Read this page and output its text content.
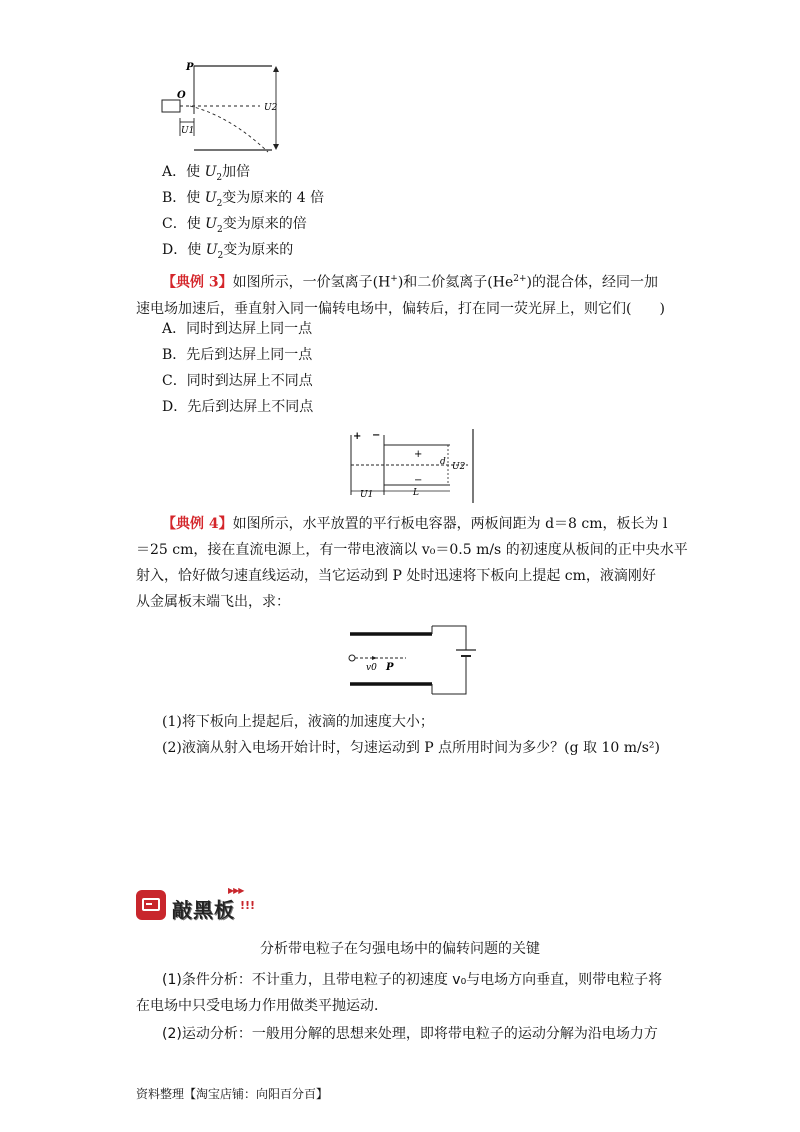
P
O
U1
U2
A．使 $U_2$加倍
B．使 $U_2$变为原来的 4 倍
C．使 $U_2$变为原来的倍
D．使 $U_2$变为原来的
【典例 3】如图所示，一价氢离子(H+)和二价氦离子$(He^{2+})$的混合体，经同一加速电场加速后，垂直射入同一偏转电场中，偏转后，打在同一荧光屏上，则它们(　　)
A．同时到达屏上同一点
B．先后到达屏上同一点
C．同时到达屏上不同点
D．先后到达屏上不同点
+ −
+
−
d U2
U1	L
【典例 4】如图所示，水平放置的平行板电容器，两板间距为 d＝8 cm，板长为 l
＝25 cm，接在直流电源上，有一带电液滴以 v₀＝0.5 m/s 的初速度从板间的正中央水平
射入，恰好做匀速直线运动，当它运动到 P 处时迅速将下板向上提起 cm，液滴刚好
从金属板末端飞出，求：
v0 P
(1)将下板向上提起后，液滴的加速度大小；
(2)液滴从射入电场开始计时，匀速运动到 P 点所用时间为多少？(g 取 10 m/s²)
▶▶▶
敲黑板 !!!
分析带电粒子在匀强电场中的偏转问题的关键
(1)条件分析：不计重力，且带电粒子的初速度 v₀与电场方向垂直，则带电粒子将
在电场中只受电场力作用做类平抛运动．
(2)运动分析：一般用分解的思想来处理，即将带电粒子的运动分解为沿电场力方
资料整理【淘宝店铺：向阳百分百】
